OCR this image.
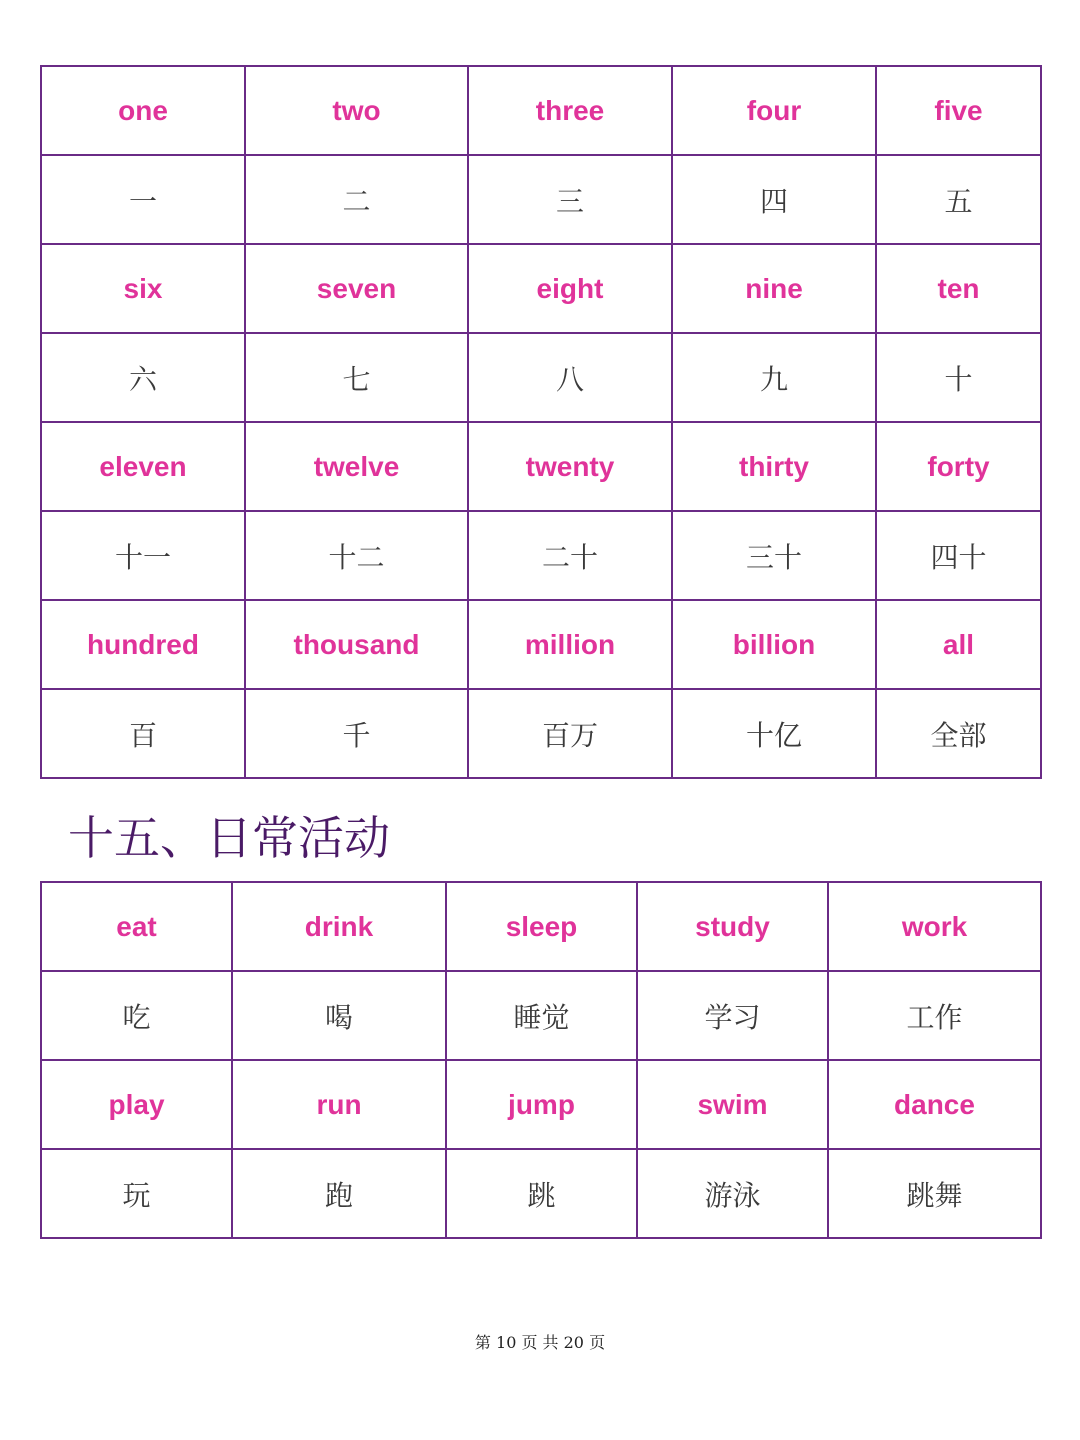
one	two	three	four	five
一	二	三	四	五
six	seven	eight	nine	ten
六	七	八	九	十
eleven	twelve	twenty	thirty	forty
十一	十二	二十	三十	四十
hundred	thousand	million	billion	all
百	千	百万	十亿	全部
十五、日常活动
eat	drink	sleep	study	work
吃	喝	睡觉	学习	工作
play	run	jump	swim	dance
玩	跑	跳	游泳	跳舞
第 10 页 共 20 页
